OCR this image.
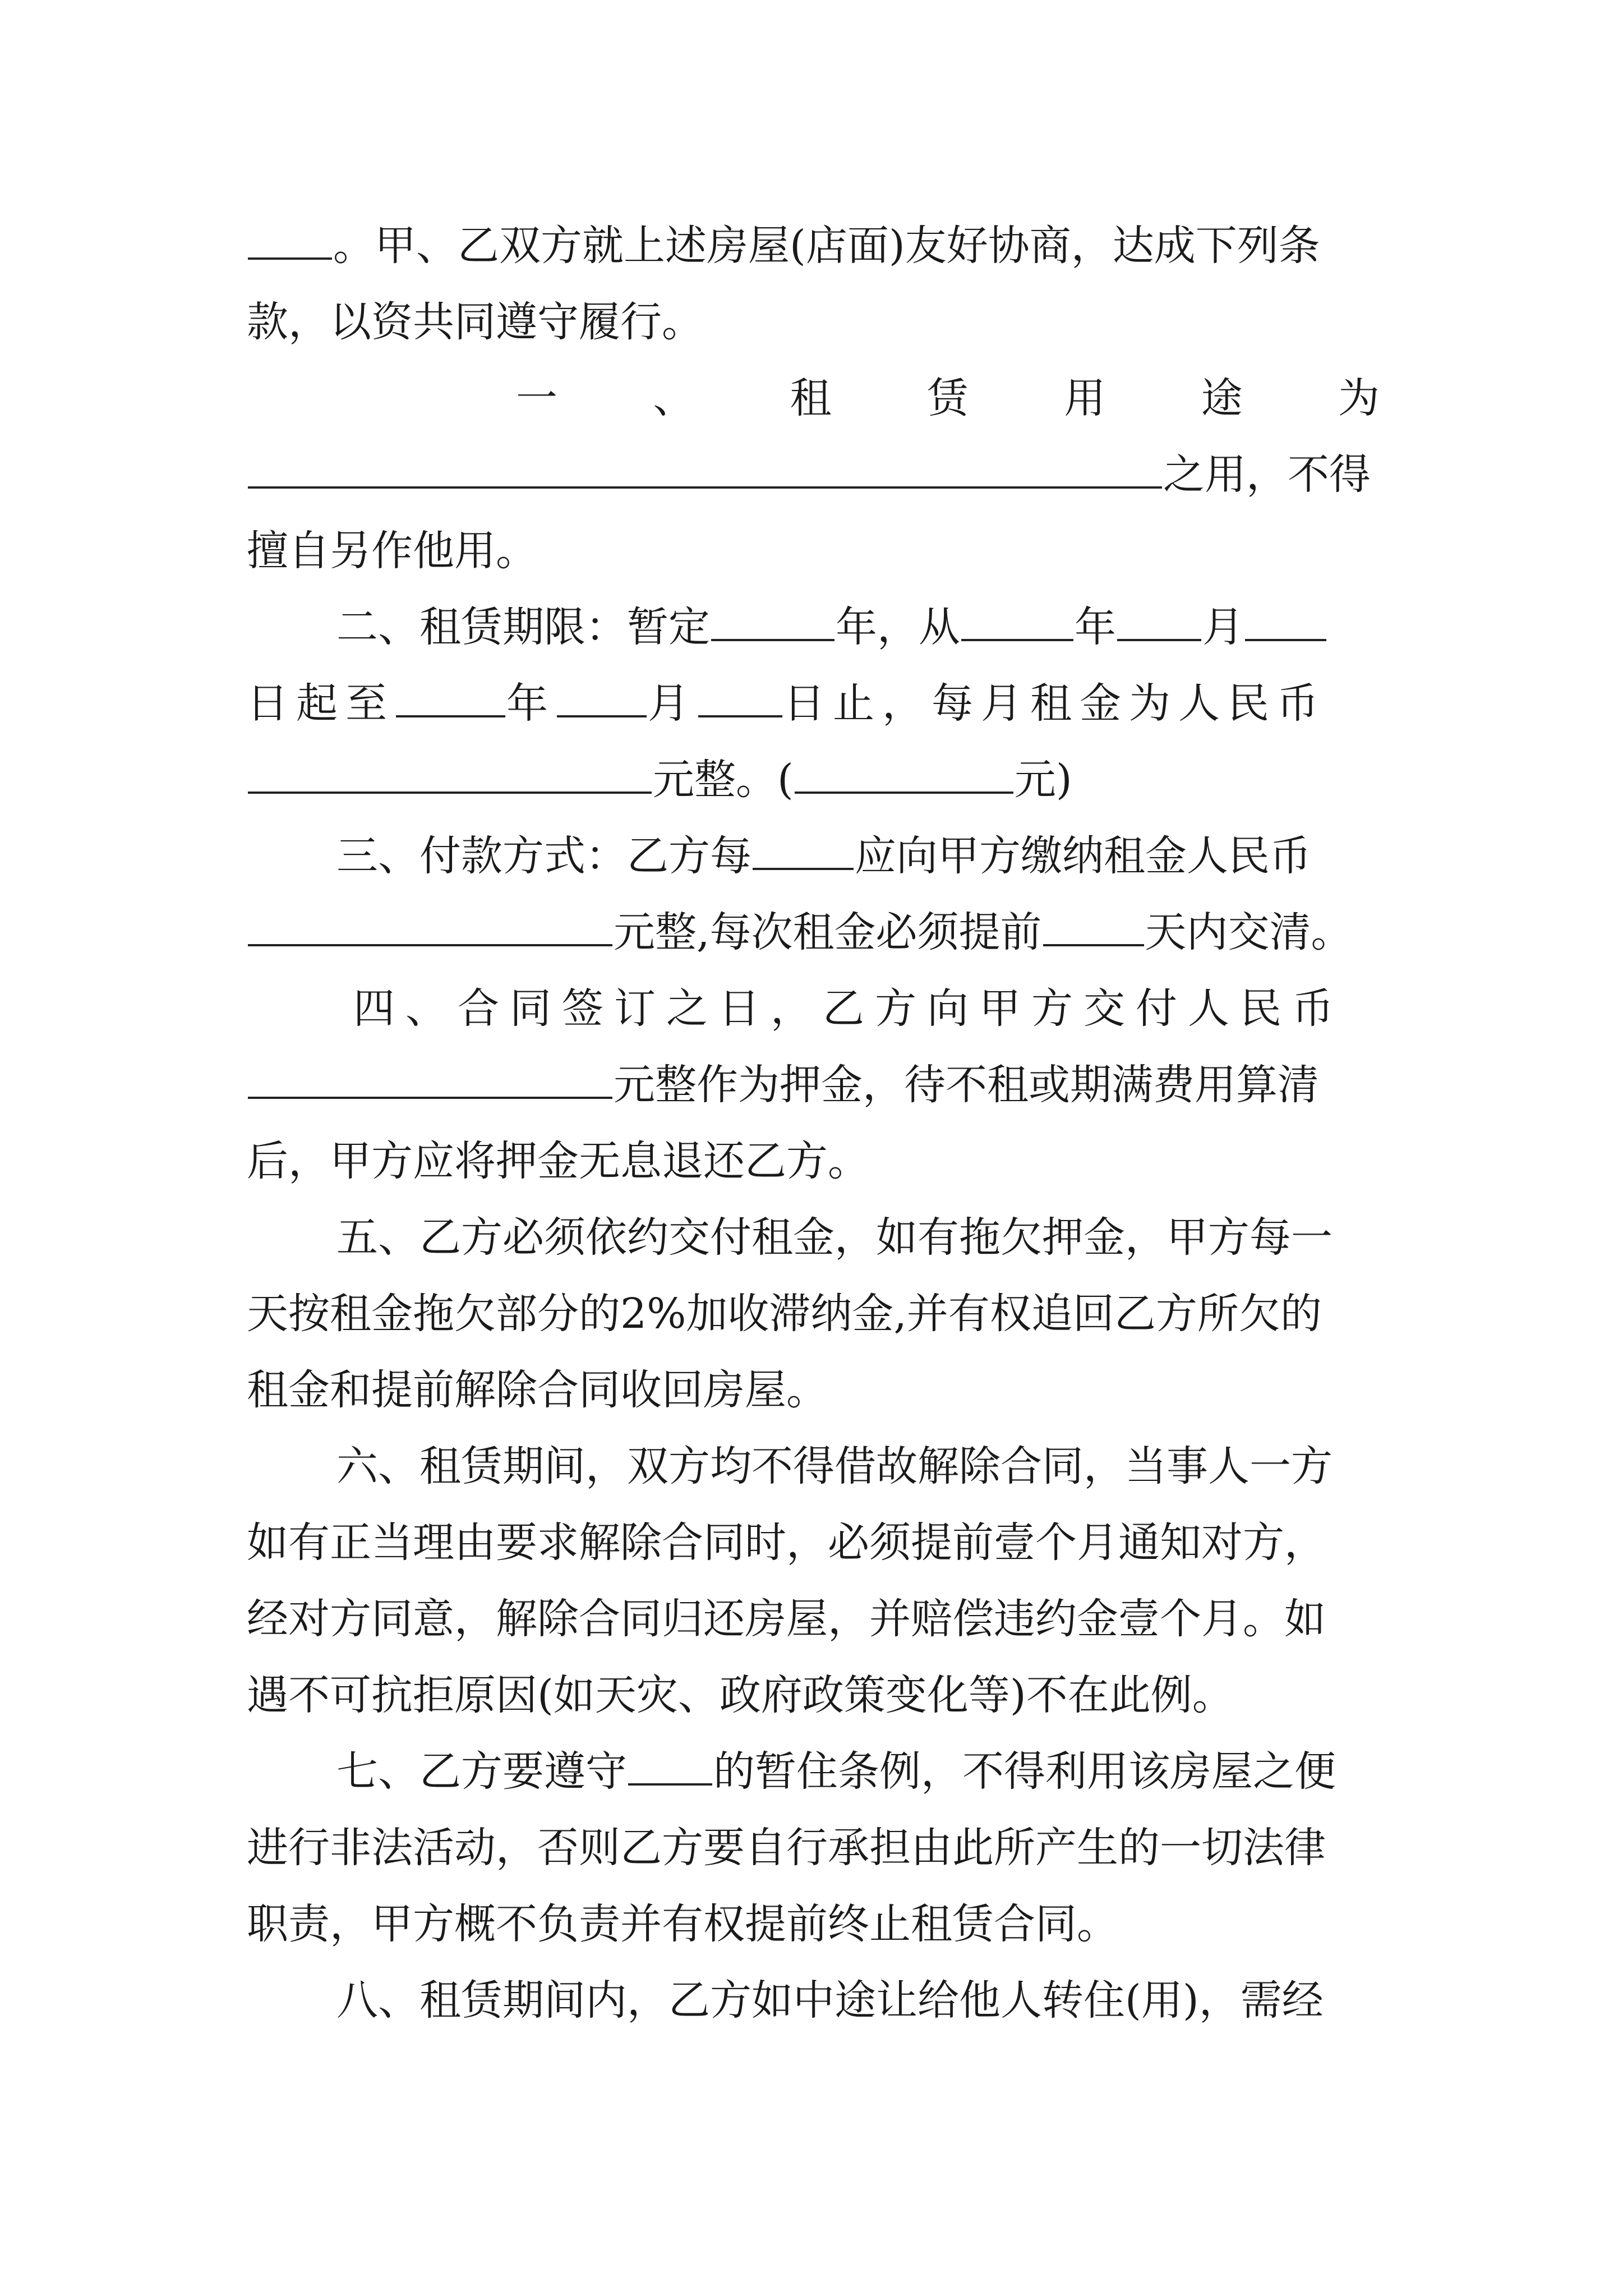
。甲、乙双方就上述房屋(店面)友好协商，达成下列条
款，以资共同遵守履行。
一 、 租 赁 用 途 为
之用，不得
擅自另作他用。
二、租赁期限：暂定	年，从	年 月
日起至	年 月 日止，每月租金为人民币
元整。(	元)
三、付款方式：乙方每 应向甲方缴纳租金人民币
元整,每次租金必须提前 天内交清。
四、合同签订之日，乙方向甲方交付人民币
元整作为押金，待不租或期满费用算清
后，甲方应将押金无息退还乙方。
五、乙方必须依约交付租金，如有拖欠押金，甲方每一
天按租金拖欠部分的2%加收滞纳金,并有权追回乙方所欠的
租金和提前解除合同收回房屋。
六、租赁期间，双方均不得借故解除合同，当事人一方
如有正当理由要求解除合同时，必须提前壹个月通知对方，
经对方同意，解除合同归还房屋，并赔偿违约金壹个月。如
遇不可抗拒原因(如天灾、政府政策变化等)不在此例。
七、乙方要遵守 的暂住条例，不得利用该房屋之便
进行非法活动，否则乙方要自行承担由此所产生的一切法律
职责，甲方概不负责并有权提前终止租赁合同。
八、租赁期间内，乙方如中途让给他人转住(用)，需经
